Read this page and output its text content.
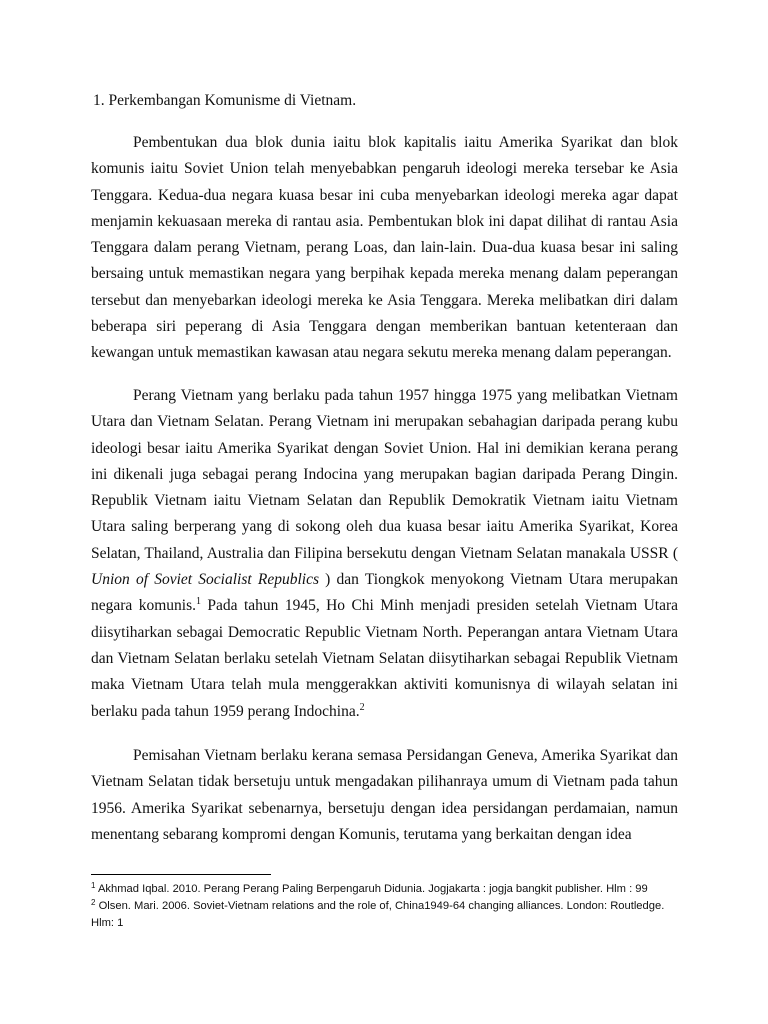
1. Perkembangan Komunisme di Vietnam.

Pembentukan dua blok dunia iaitu blok kapitalis iaitu Amerika Syarikat dan blok komunis iaitu Soviet Union telah menyebabkan pengaruh ideologi mereka tersebar ke Asia Tenggara. Kedua-dua negara kuasa besar ini cuba menyebarkan ideologi mereka agar dapat menjamin kekuasaan mereka di rantau asia. Pembentukan blok ini dapat dilihat di rantau Asia Tenggara dalam perang Vietnam, perang Loas, dan lain-lain. Dua-dua kuasa besar ini saling bersaing untuk memastikan negara yang berpihak kepada mereka menang dalam peperangan tersebut dan menyebarkan ideologi mereka ke Asia Tenggara. Mereka melibatkan diri dalam beberapa siri peperang di Asia Tenggara dengan memberikan bantuan ketenteraan dan kewangan untuk memastikan kawasan atau negara sekutu mereka menang dalam peperangan.

Perang Vietnam yang berlaku pada tahun 1957 hingga 1975 yang melibatkan Vietnam Utara dan Vietnam Selatan. Perang Vietnam ini merupakan sebahagian daripada perang kubu ideologi besar iaitu Amerika Syarikat dengan Soviet Union. Hal ini demikian kerana perang ini dikenali juga sebagai perang Indocina yang merupakan bagian daripada Perang Dingin. Republik Vietnam iaitu Vietnam Selatan dan Republik Demokratik Vietnam iaitu Vietnam Utara saling berperang yang di sokong oleh dua kuasa besar iaitu Amerika Syarikat, Korea Selatan, Thailand, Australia dan Filipina bersekutu dengan Vietnam Selatan manakala USSR ( Union of Soviet Socialist Republics ) dan Tiongkok menyokong Vietnam Utara merupakan negara komunis.$^1$ Pada tahun 1945, Ho Chi Minh menjadi presiden setelah Vietnam Utara diisytiharkan sebagai Democratic Republic Vietnam North. Peperangan antara Vietnam Utara dan Vietnam Selatan berlaku setelah Vietnam Selatan diisytiharkan sebagai Republik Vietnam maka Vietnam Utara telah mula menggerakkan aktiviti komunisnya di wilayah selatan ini berlaku pada tahun 1959 perang Indochina.$^2$

Pemisahan Vietnam berlaku kerana semasa Persidangan Geneva, Amerika Syarikat dan Vietnam Selatan tidak bersetuju untuk mengadakan pilihanraya umum di Vietnam pada tahun 1956. Amerika Syarikat sebenarnya, bersetuju dengan idea persidangan perdamaian, namun menentang sebarang kompromi dengan Komunis, terutama yang berkaitan dengan idea

$^1$ Akhmad Iqbal. 2010. Perang Perang Paling Berpengaruh Didunia. Jogjakarta : jogja bangkit publisher. Hlm : 99

$^2$ Olsen. Mari. 2006. Soviet-Vietnam relations and the role of, China1949-64 changing alliances. London: Routledge. Hlm: 1
